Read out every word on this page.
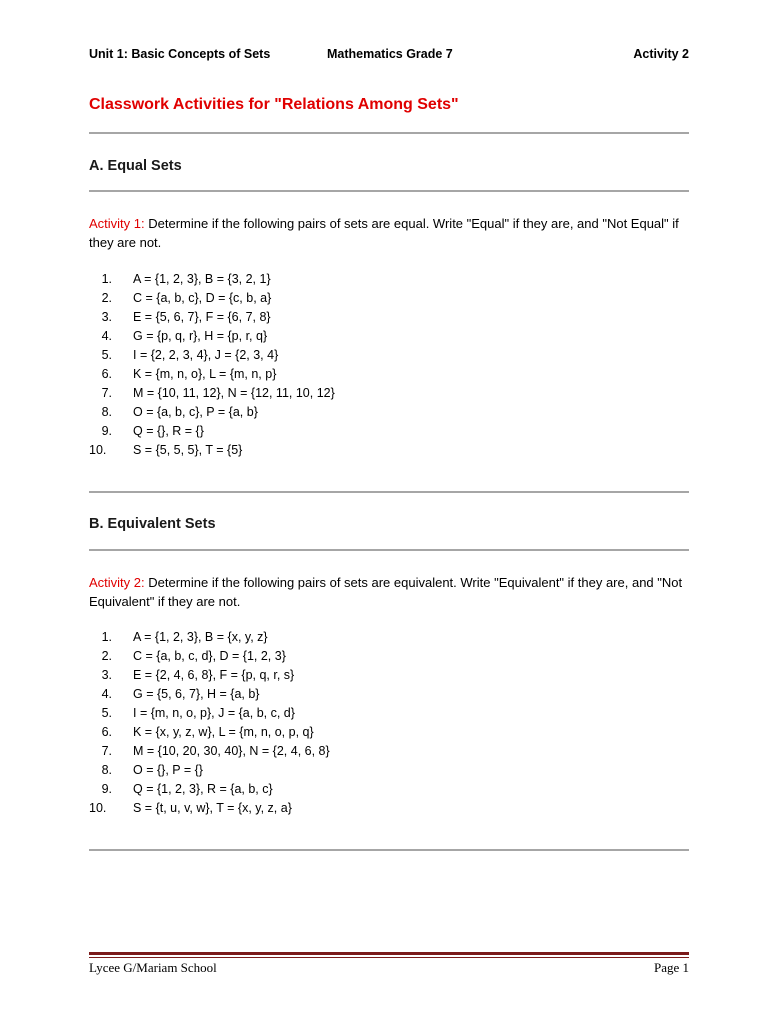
Unit 1: Basic Concepts of Sets	Mathematics Grade 7	Activity 2
Classwork Activities for "Relations Among Sets"
A. Equal Sets
Activity 1: Determine if the following pairs of sets are equal. Write "Equal" if they are, and "Not Equal" if they are not.
1.	A = {1, 2, 3}, B = {3, 2, 1}
2.	C = {a, b, c}, D = {c, b, a}
3.	E = {5, 6, 7}, F = {6, 7, 8}
4.	G = {p, q, r}, H = {p, r, q}
5.	I = {2, 2, 3, 4}, J = {2, 3, 4}
6.	K = {m, n, o}, L = {m, n, p}
7.	M = {10, 11, 12}, N = {12, 11, 10, 12}
8.	O = {a, b, c}, P = {a, b}
9.	Q = {}, R = {}
10.	S = {5, 5, 5}, T = {5}
B. Equivalent Sets
Activity 2: Determine if the following pairs of sets are equivalent. Write "Equivalent" if they are, and "Not Equivalent" if they are not.
1.	A = {1, 2, 3}, B = {x, y, z}
2.	C = {a, b, c, d}, D = {1, 2, 3}
3.	E = {2, 4, 6, 8}, F = {p, q, r, s}
4.	G = {5, 6, 7}, H = {a, b}
5.	I = {m, n, o, p}, J = {a, b, c, d}
6.	K = {x, y, z, w}, L = {m, n, o, p, q}
7.	M = {10, 20, 30, 40}, N = {2, 4, 6, 8}
8.	O = {}, P = {}
9.	Q = {1, 2, 3}, R = {a, b, c}
10.	S = {t, u, v, w}, T = {x, y, z, a}
Lycee G/Mariam School	Page 1
